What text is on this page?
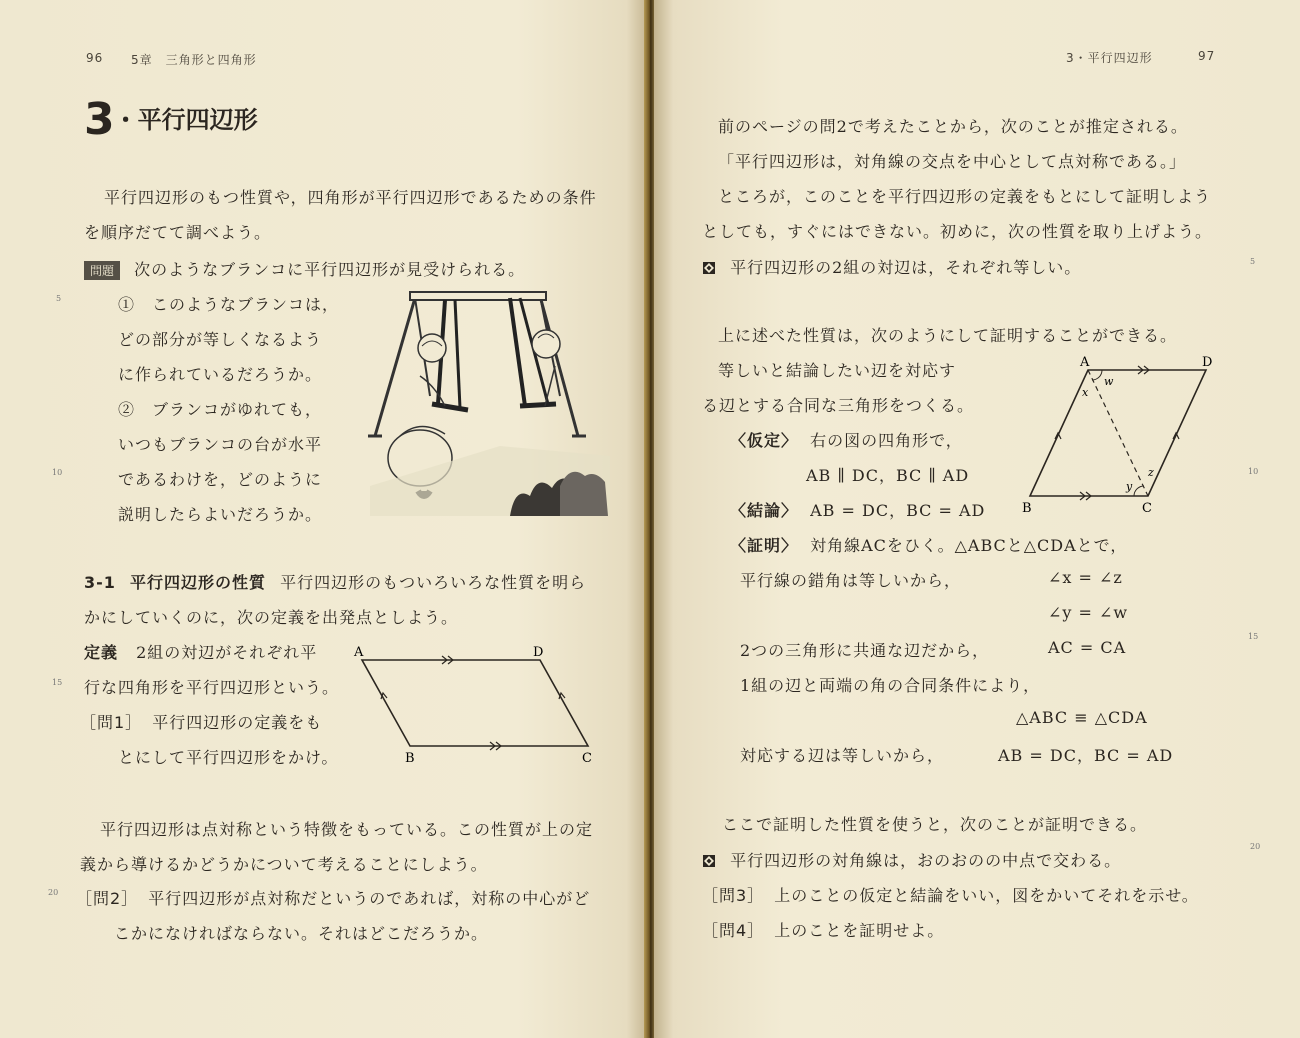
96 5章　三角形と四角形
3・平行四辺形
平行四辺形のもつ性質や，四角形が平行四辺形であるための条件
を順序だてて調べよう。
問題 次のようなブランコに平行四辺形が見受けられる。
①　このようなブランコは，
どの部分が等しくなるよう
に作られているだろうか。
②　ブランコがゆれても，
いつもブランコの台が水平
であるわけを，どのように
説明したらよいだろうか。
3-1 平行四辺形の性質 平行四辺形のもついろいろな性質を明ら
かにしていくのに，次の定義を出発点としよう。
定義 2組の対辺がそれぞれ平
行な四角形を平行四辺形という。
［問1］ 平行四辺形の定義をも
とにして平行四辺形をかけ。
A	D
B	C
平行四辺形は点対称という特徴をもっている。この性質が上の定
義から導けるかどうかについて考えることにしよう。
［問2］ 平行四辺形が点対称だというのであれば，対称の中心がど
こかになければならない。それはどこだろうか。
5
10
15
20
3・平行四辺形	97
前のページの問2で考えたことから，次のことが推定される。
「平行四辺形は，対角線の交点を中心として点対称である。」
ところが，このことを平行四辺形の定義をもとにして証明しよう
としても，すぐにはできない。初めに，次の性質を取り上げよう。
平行四辺形の2組の対辺は，それぞれ等しい。
上に述べた性質は，次のようにして証明することができる。
等しいと結論したい辺を対応す
る辺とする合同な三角形をつくる。
〈仮定〉 右の図の四角形で，
AB ∥ DC，BC ∥ AD
〈結論〉 AB = DC，BC = AD
〈証明〉 対角線ACをひく。△ABCと△CDAとで，
平行線の錯角は等しいから，	∠x = ∠z
∠y = ∠w
2つの三角形に共通な辺だから，	AC = CA
1組の辺と両端の角の合同条件により，
△ABC ≡ △CDA
対応する辺は等しいから，	AB = DC，BC = AD
A	D
B	C
w
x
y
z
ここで証明した性質を使うと，次のことが証明できる。
平行四辺形の対角線は，おのおのの中点で交わる。
［問3］ 上のことの仮定と結論をいい，図をかいてそれを示せ。
［問4］ 上のことを証明せよ。
5
10
15
20
